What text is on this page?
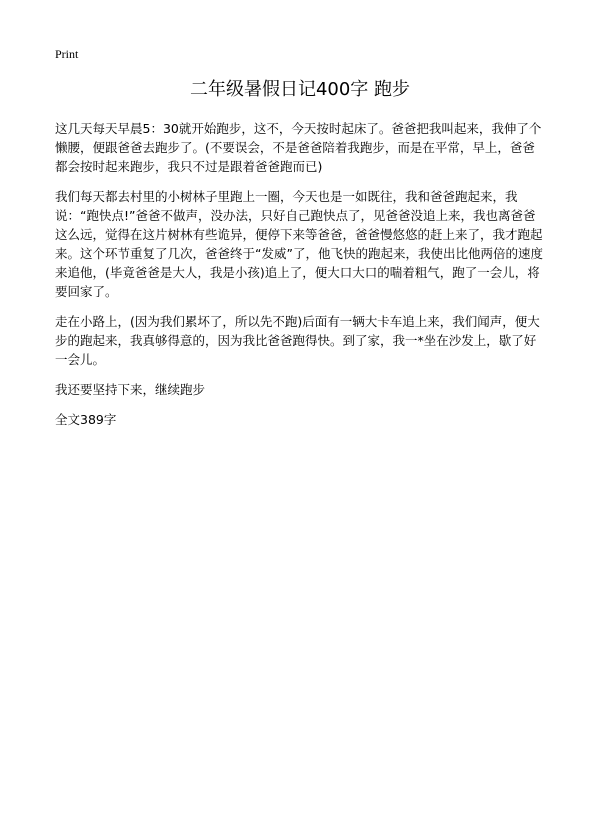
Print
二年级暑假日记400字 跑步

这几天每天早晨5：30就开始跑步，这不，今天按时起床了。爸爸把我叫起来，我伸了个懒腰，便跟爸爸去跑步了。(不要误会，不是爸爸陪着我跑步，而是在平常，早上，爸爸都会按时起来跑步，我只不过是跟着爸爸跑而已)

我们每天都去村里的小树林子里跑上一圈，今天也是一如既往，我和爸爸跑起来，我说：“跑快点!”爸爸不做声，没办法，只好自己跑快点了，见爸爸没追上来，我也离爸爸这么远，觉得在这片树林有些诡异，便停下来等爸爸，爸爸慢悠悠的赶上来了，我才跑起来。这个环节重复了几次，爸爸终于“发威”了，他飞快的跑起来，我使出比他两倍的速度来追他，(毕竟爸爸是大人，我是小孩)追上了，便大口大口的喘着粗气，跑了一会儿，将要回家了。

走在小路上，(因为我们累坏了，所以先不跑)后面有一辆大卡车追上来，我们闻声，便大步的跑起来，我真够得意的，因为我比爸爸跑得快。到了家，我一*坐在沙发上，歇了好一会儿。

我还要坚持下来，继续跑步

全文389字
